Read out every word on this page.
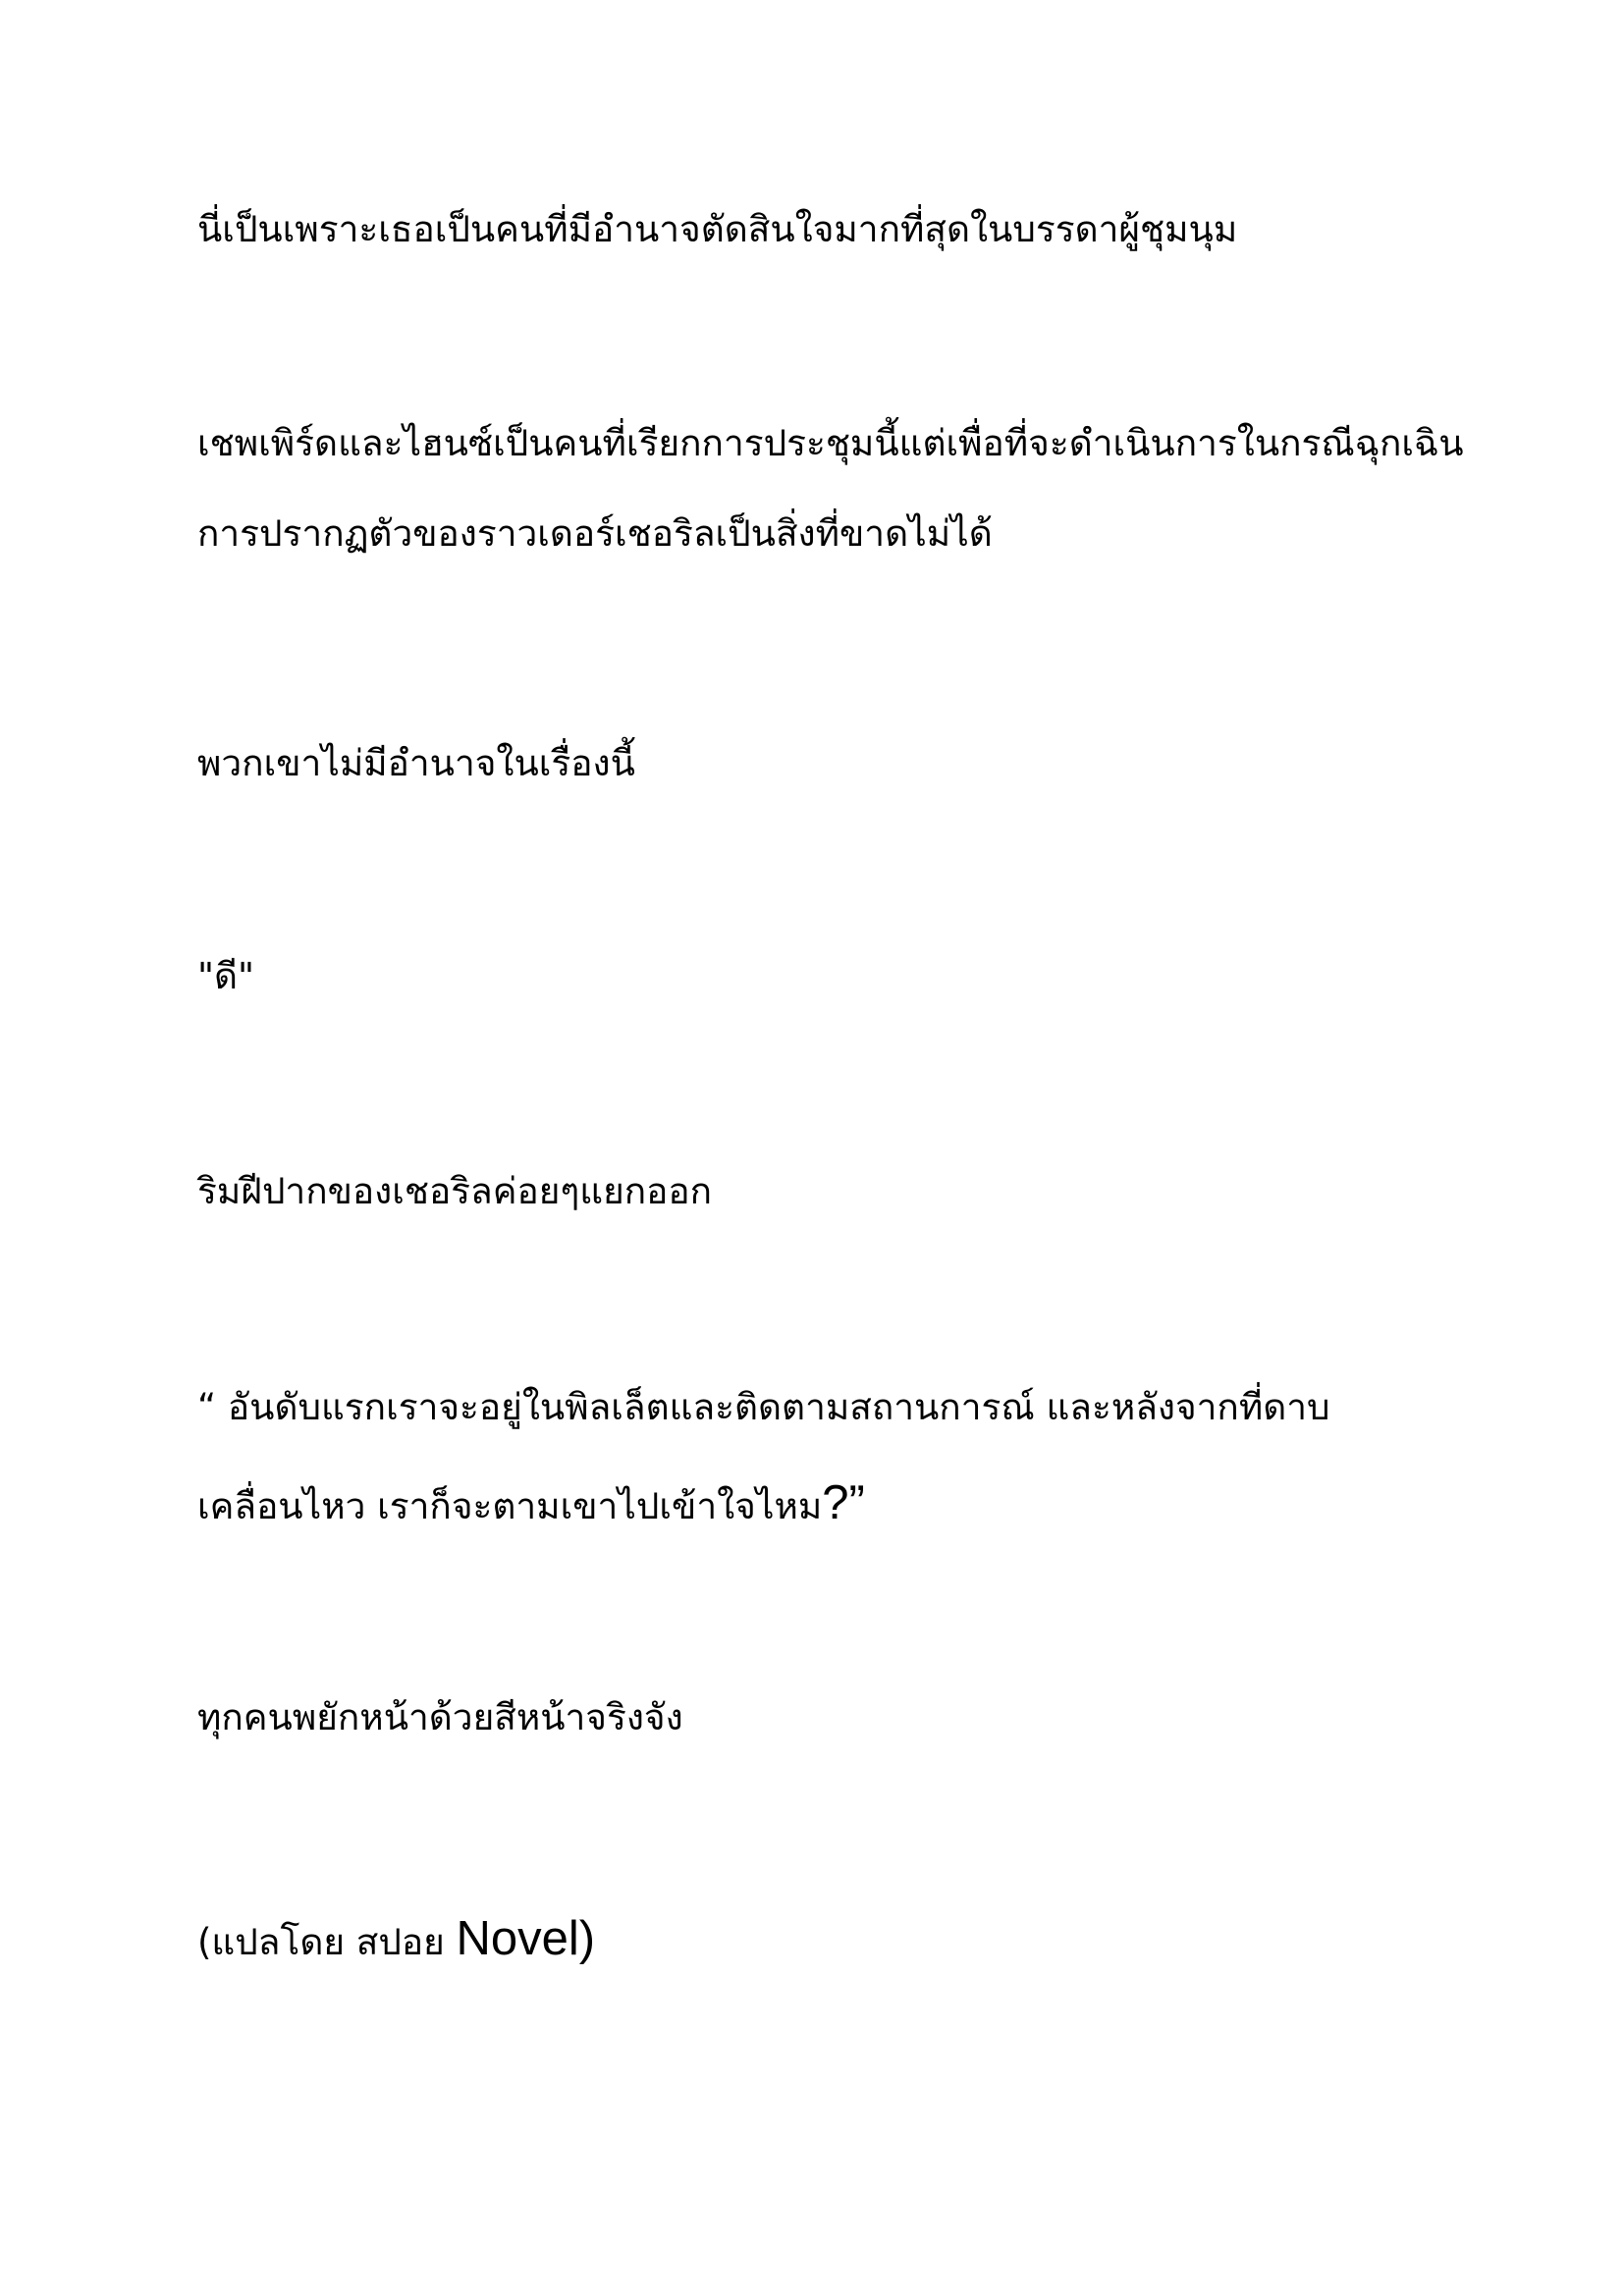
นี่เป็นเพราะเธอเป็นคนที่มีอำนาจตัดสินใจมากที่สุดในบรรดาผู้ชุมนุม

เชพเพิร์ดและไฮนซ์เป็นคนที่เรียกการประชุมนี้แต่เพื่อที่จะดำเนินการในกรณีฉุกเฉิน

การปรากฏตัวของราวเดอร์เชอริลเป็นสิ่งที่ขาดไม่ได้

พวกเขาไม่มีอำนาจในเรื่องนี้

"ดี"

ริมฝีปากของเชอริลค่อยๆแยกออก

“ อันดับแรกเราจะอยู่ในพิลเล็ตและติดตามสถานการณ์ และหลังจากที่ดาบ

เคลื่อนไหว เราก็จะตามเขาไปเข้าใจไหม?”

ทุกคนพยักหน้าด้วยสีหน้าจริงจัง

(แปลโดย สปอย Novel)
